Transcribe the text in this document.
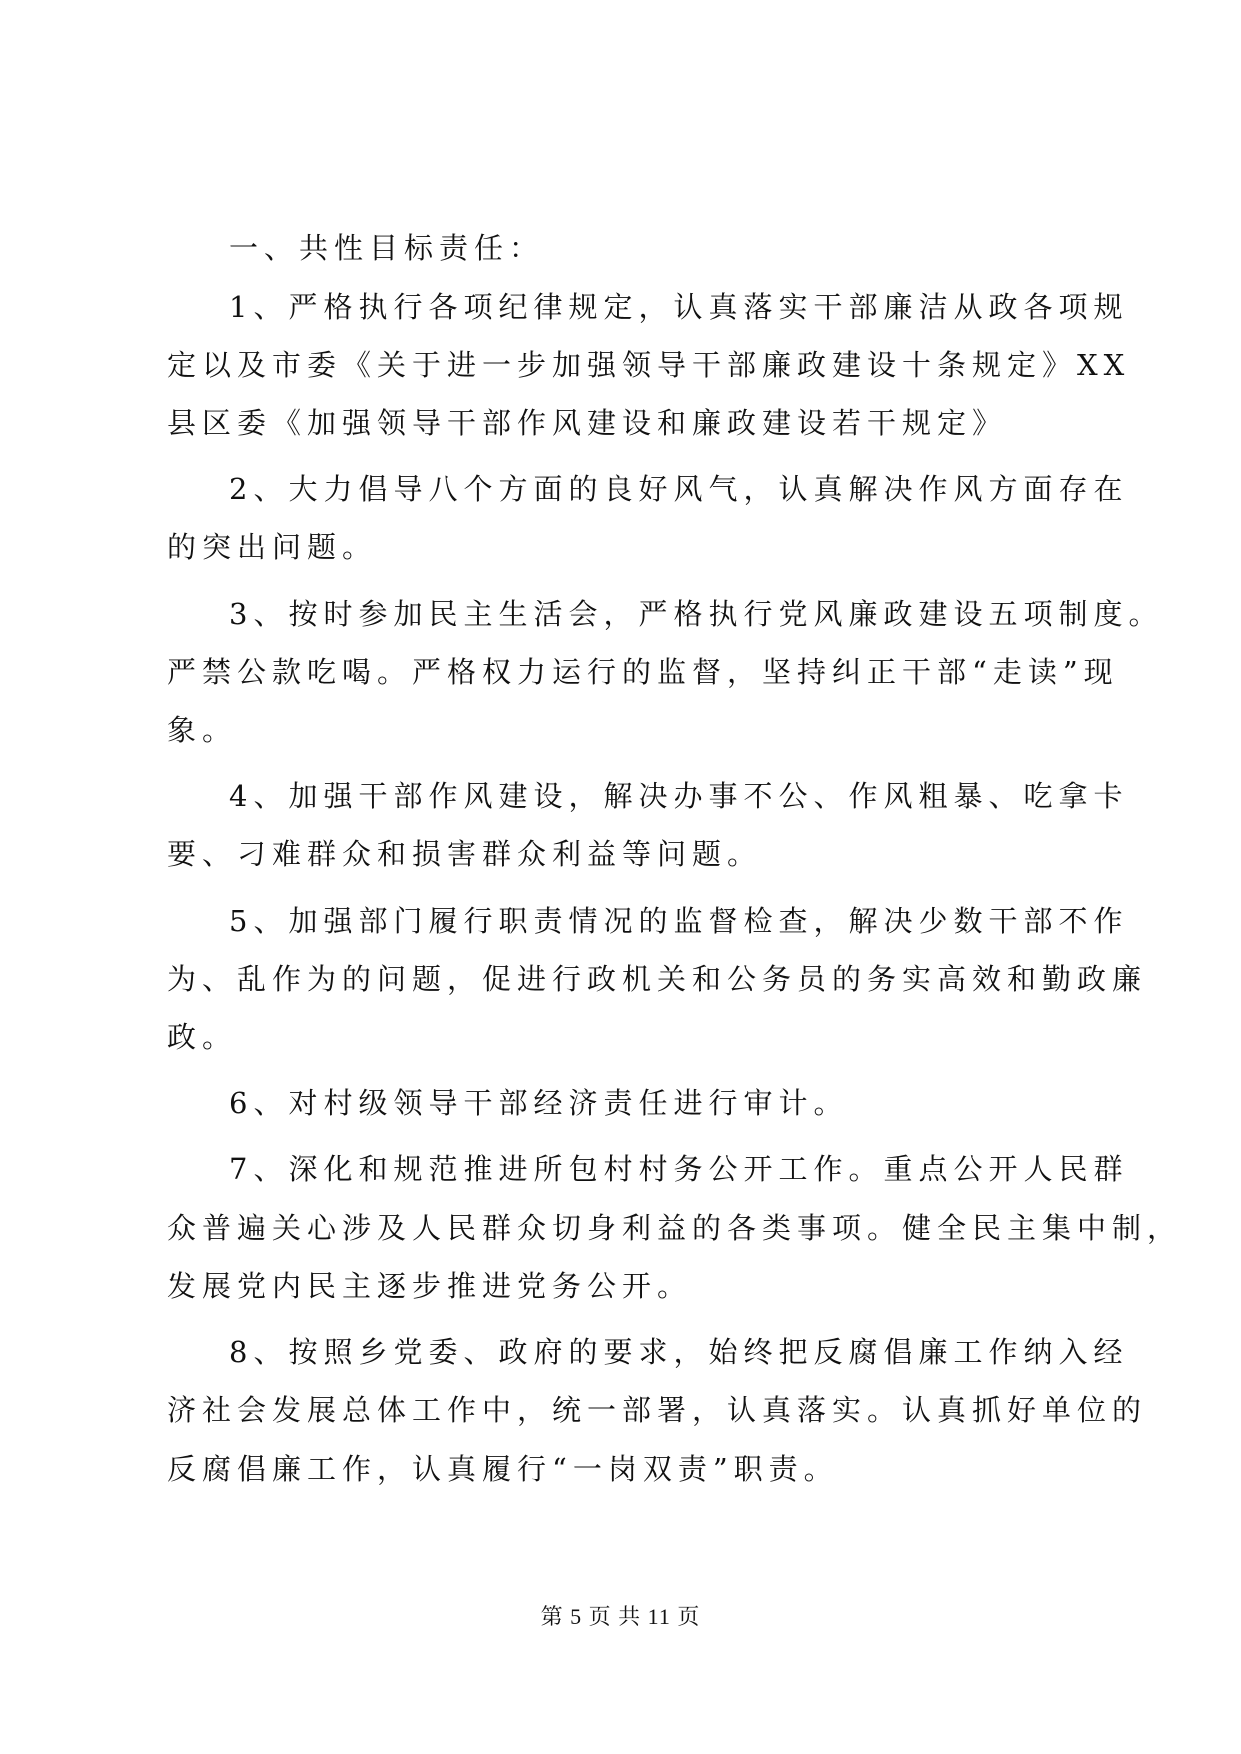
一、共性目标责任：
1、严格执行各项纪律规定，认真落实干部廉洁从政各项规
定以及市委《关于进一步加强领导干部廉政建设十条规定》XX
县区委《加强领导干部作风建设和廉政建设若干规定》
2、大力倡导八个方面的良好风气，认真解决作风方面存在
的突出问题。
3、按时参加民主生活会，严格执行党风廉政建设五项制度。
严禁公款吃喝。严格权力运行的监督，坚持纠正干部“走读”现
象。
4、加强干部作风建设，解决办事不公、作风粗暴、吃拿卡
要、刁难群众和损害群众利益等问题。
5、加强部门履行职责情况的监督检查，解决少数干部不作
为、乱作为的问题，促进行政机关和公务员的务实高效和勤政廉
政。
6、对村级领导干部经济责任进行审计。
7、深化和规范推进所包村村务公开工作。重点公开人民群
众普遍关心涉及人民群众切身利益的各类事项。健全民主集中制，
发展党内民主逐步推进党务公开。
8、按照乡党委、政府的要求，始终把反腐倡廉工作纳入经
济社会发展总体工作中，统一部署，认真落实。认真抓好单位的
反腐倡廉工作，认真履行“一岗双责”职责。
第 5 页 共 11 页
